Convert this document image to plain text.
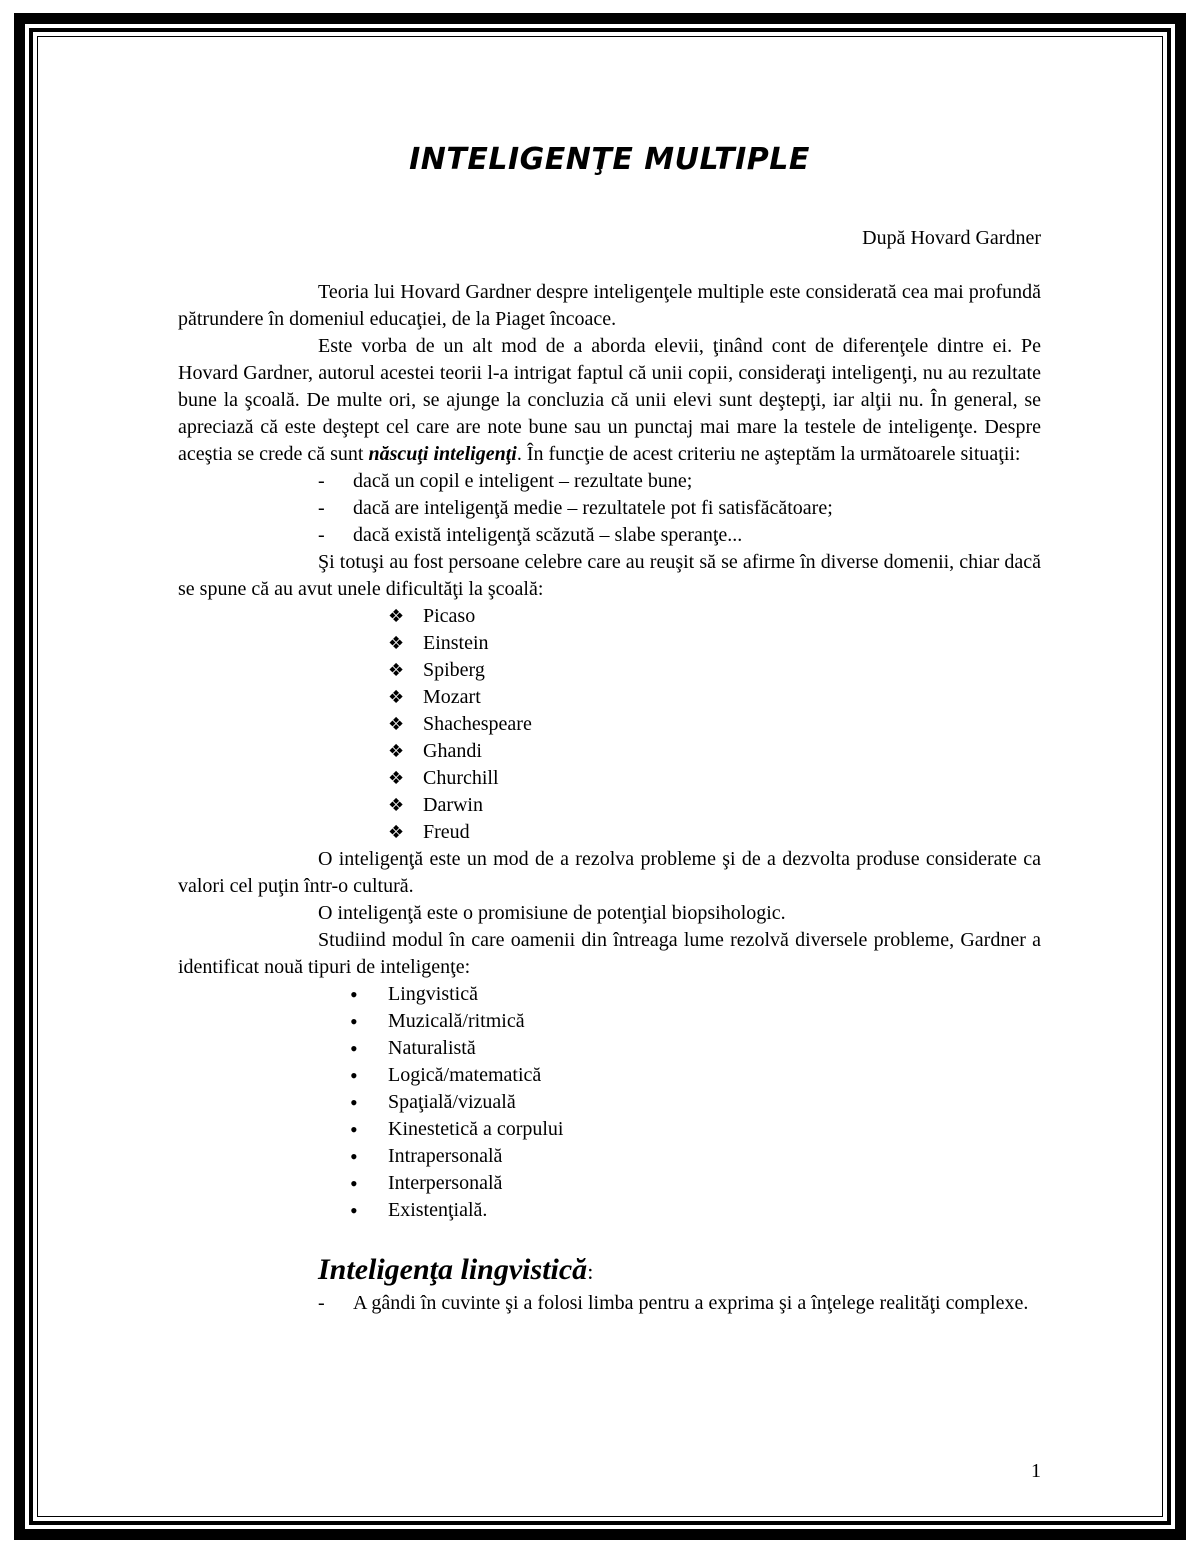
INTELIGENŢE MULTIPLE
După Hovard Gardner

Teoria lui Hovard Gardner despre inteligenţele multiple este considerată cea mai profundă pătrundere în domeniul educaţiei, de la Piaget încoace.

Este vorba de un alt mod de a aborda elevii, ţinând cont de diferenţele dintre ei. Pe Hovard Gardner, autorul acestei teorii l-a intrigat faptul că unii copii, consideraţi inteligenţi, nu au rezultate bune la şcoală. De multe ori, se ajunge la concluzia că unii elevi sunt deştepţi, iar alţii nu. În general, se apreciază că este deştept cel care are note bune sau un punctaj mai mare la testele de inteligenţe. Despre aceştia se crede că sunt născuţi inteligenţi. În funcţie de acest criteriu ne aşteptăm la următoarele situaţii:

- dacă un copil e inteligent – rezultate bune;
- dacă are inteligenţă medie – rezultatele pot fi satisfăcătoare;
- dacă există inteligenţă scăzută – slabe speranţe...

Şi totuşi au fost persoane celebre care au reuşit să se afirme în diverse domenii, chiar dacă se spune că au avut unele dificultăţi la şcoală:

❖ Picaso
❖ Einstein
❖ Spiberg
❖ Mozart
❖ Shachespeare
❖ Ghandi
❖ Churchill
❖ Darwin
❖ Freud

O inteligenţă este un mod de a rezolva probleme şi de a dezvolta produse considerate ca valori cel puţin într-o cultură.

O inteligenţă este o promisiune de potenţial biopsihologic.

Studiind modul în care oamenii din întreaga lume rezolvă diversele probleme, Gardner a identificat nouă tipuri de inteligenţe:

• Lingvistică
• Muzicală/ritmică
• Naturalistă
• Logică/matematică
• Spaţială/vizuală
• Kinestetică a corpului
• Intrapersonală
• Interpersonală
• Existenţială.
Inteligenţa lingvistică:
- A gândi în cuvinte şi a folosi limba pentru a exprima şi a înţelege realităţi complexe.
1
